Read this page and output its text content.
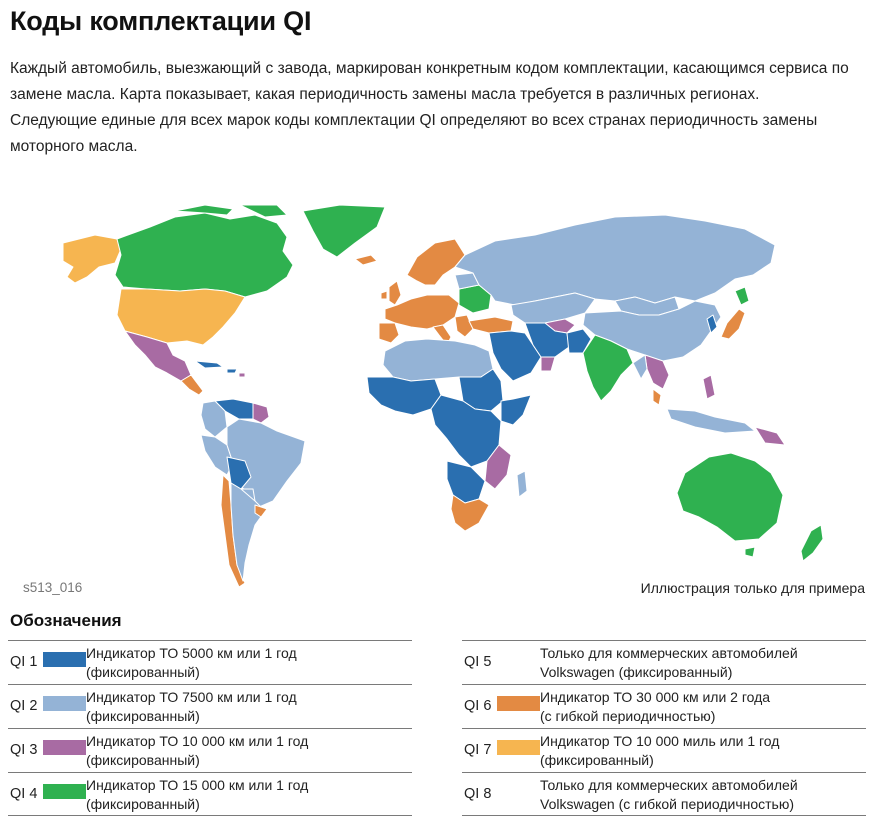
Коды комплектации QI
Каждый автомобиль, выезжающий с завода, маркирован конкретным кодом комплектации, касающимся сервиса по замене масла. Карта показывает, какая периодичность замены масла требуется в различных регионах. Следующие единые для всех марок коды комплектации QI определяют во всех странах периодичность замены моторного масла.
s513_016	Иллюстрация только для примера
Обозначения
QI 1
Индикатор ТО 5000 км или 1 год
(фиксированный)
QI 2
Индикатор ТО 7500 км или 1 год
(фиксированный)
QI 3
Индикатор ТО 10 000 км или 1 год
(фиксированный)
QI 4
Индикатор ТО 15 000 км или 1 год
(фиксированный)
QI 5
Только для коммерческих автомобилей
Volkswagen (фиксированный)
QI 6
Индикатор ТО 30 000 км или 2 года
(с гибкой периодичностью)
QI 7
Индикатор ТО 10 000 миль или 1 год
(фиксированный)
QI 8
Только для коммерческих автомобилей
Volkswagen (с гибкой периодичностью)
